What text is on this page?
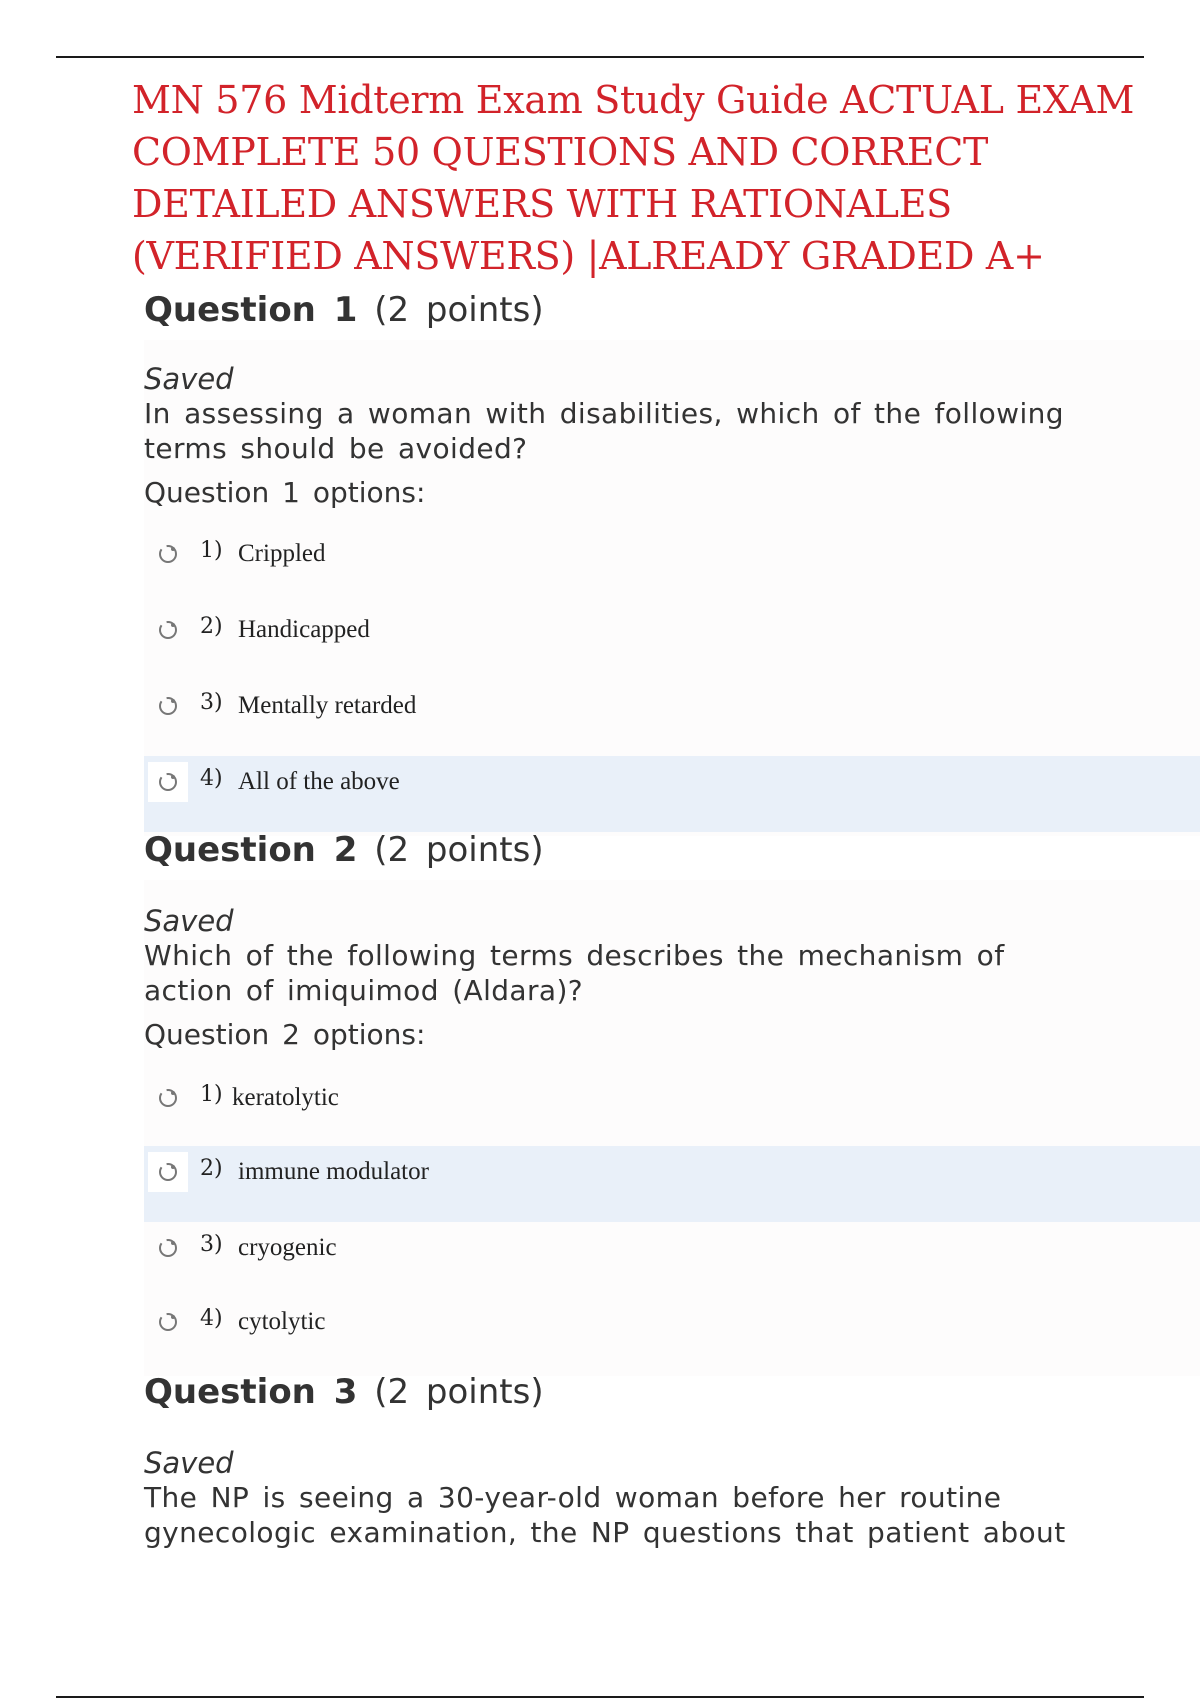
MN 576 Midterm Exam Study Guide ACTUAL EXAM COMPLETE 50 QUESTIONS AND CORRECT DETAILED ANSWERS WITH RATIONALES (VERIFIED ANSWERS) |ALREADY GRADED A+
Question 1 (2 points)
Saved
In assessing a woman with disabilities, which of the following terms should be avoided?
Question 1 options:
1) Crippled
2) Handicapped
3) Mentally retarded
4) All of the above
Question 2 (2 points)
Saved
Which of the following terms describes the mechanism of action of imiquimod (Aldara)?
Question 2 options:
1) keratolytic
2) immune modulator
3) cryogenic
4) cytolytic
Question 3 (2 points)
Saved
The NP is seeing a 30-year-old woman before her routine gynecologic examination, the NP questions that patient about
